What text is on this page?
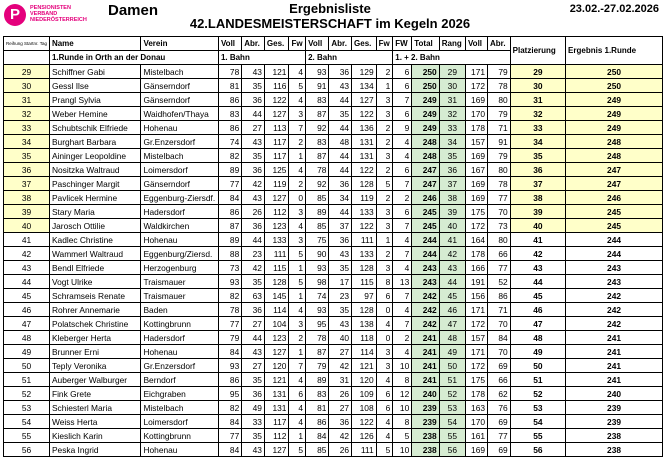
P	PENSIONISTEN VERBAND NIEDERÖSTERREICH
Damen	Ergebnisliste
42.LANDESMEISTERSCHAFT im Kegeln 2026
23.02.-27.02.2026
Reihung Startnr. Tag	Name	Verein	Voll	Abr.	Ges.	Fw	Voll	Abr.	Ges.	Fw	FW	Total	Rang	Voll	Abr.	Platzierung	Ergebnis 1.Runde
	1.Runde in Orth an der Donau		1. Bahn				2. Bahn				1. + 2. Bahn						
29	Schiffner Gabi	Mistelbach	78	43	121	4	93	36	129	2	6	250	29	171	79	29	250
30	Gessl Ilse	Gänserndorf	81	35	116	5	91	43	134	1	6	250	30	172	78	30	250
31	Prangl Sylvia	Gänserndorf	86	36	122	4	83	44	127	3	7	249	31	169	80	31	249
32	Weber Hemine	Waidhofen/Thaya	83	44	127	3	87	35	122	3	6	249	32	170	79	32	249
33	Schubtschik Elfriede	Hohenau	86	27	113	7	92	44	136	2	9	249	33	178	71	33	249
34	Burghart Barbara	Gr.Enzersdorf	74	43	117	2	83	48	131	2	4	248	34	157	91	34	248
35	Aininger Leopoldine	Mistelbach	82	35	117	1	87	44	131	3	4	248	35	169	79	35	248
36	Nositzka Waltraud	Loimersdorf	89	36	125	4	78	44	122	2	6	247	36	167	80	36	247
37	Paschinger Margit	Gänserndorf	77	42	119	2	92	36	128	5	7	247	37	169	78	37	247
38	Pavlicek Hermine	Eggenburg-Ziersdf.	84	43	127	0	85	34	119	2	2	246	38	169	77	38	246
39	Stary Maria	Hadersdorf	86	26	112	3	89	44	133	3	6	245	39	175	70	39	245
40	Jarosch Ottilie	Waldkirchen	87	36	123	4	85	37	122	3	7	245	40	172	73	40	245
41	Kadlec Christine	Hohenau	89	44	133	3	75	36	111	1	4	244	41	164	80	41	244
42	Wammerl Waltraud	Eggenburg/Ziersd.	88	23	111	5	90	43	133	2	7	244	42	178	66	42	244
43	Bendl Elfriede	Herzogenburg	73	42	115	1	93	35	128	3	4	243	43	166	77	43	243
44	Vogt Ulrike	Traismauer	93	35	128	5	98	17	115	8	13	243	44	191	52	44	243
45	Schramseis Renate	Traismauer	82	63	145	1	74	23	97	6	7	242	45	156	86	45	242
46	Rohrer Annemarie	Baden	78	36	114	4	93	35	128	0	4	242	46	171	71	46	242
47	Polatschek Christine	Kottingbrunn	77	27	104	3	95	43	138	4	7	242	47	172	70	47	242
48	Kleberger Herta	Hadersdorf	79	44	123	2	78	40	118	0	2	241	48	157	84	48	241
49	Brunner Erni	Hohenau	84	43	127	1	87	27	114	3	4	241	49	171	70	49	241
50	Teply Veronika	Gr.Enzersdorf	93	27	120	7	79	42	121	3	10	241	50	172	69	50	241
51	Auberger Walburger	Berndorf	86	35	121	4	89	31	120	4	8	241	51	175	66	51	241
52	Fink Grete	Eichgraben	95	36	131	6	83	26	109	6	12	240	52	178	62	52	240
53	Schiesterl Maria	Mistelbach	82	49	131	4	81	27	108	6	10	239	53	163	76	53	239
54	Weiss Herta	Loimersdorf	84	33	117	4	86	36	122	4	8	239	54	170	69	54	239
55	Kieslich Karin	Kottingbrunn	77	35	112	1	84	42	126	4	5	238	55	161	77	55	238
56	Peska Ingrid	Hohenau	84	43	127	5	85	26	111	5	10	238	56	169	69	56	238
